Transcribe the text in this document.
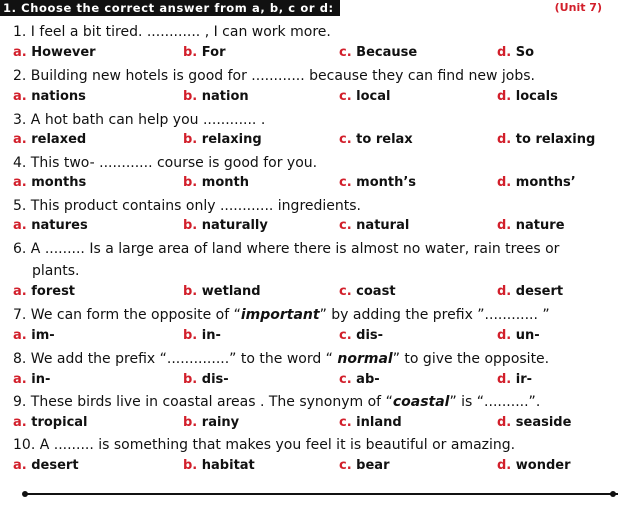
1. Choose the correct answer from a, b, c or d:	(Unit 7)
1. I feel a bit tired. ............ , I can work more.
a. However	b. For	c. Because	d. So
2. Building new hotels is good for ............ because they can find new jobs.
a. nations	b. nation	c. local	d. locals
3. A hot bath can help you ............ .
a. relaxed	b. relaxing	c. to relax	d. to relaxing
4. This two- ............ course is good for you.
a. months	b. month	c. month’s	d. months’
5. This product contains only ............ ingredients.
a. natures	b. naturally	c. natural	d. nature
6. A ......... Is a large area of land where there is almost no water, rain trees or
plants.
a. forest	b. wetland	c. coast	d. desert
7. We can form the opposite of “important” by adding the prefix ”............ ”
a. im-	b. in-	c. dis-	d. un-
8. We add the prefix “..............” to the word “ normal” to give the opposite.
a. in-	b. dis-	c. ab-	d. ir-
9. These birds live in coastal areas . The synonym of “coastal” is “..........”.
a. tropical	b. rainy	c. inland	d. seaside
10. A ......... is something that makes you feel it is beautiful or amazing.
a. desert	b. habitat	c. bear	d. wonder
